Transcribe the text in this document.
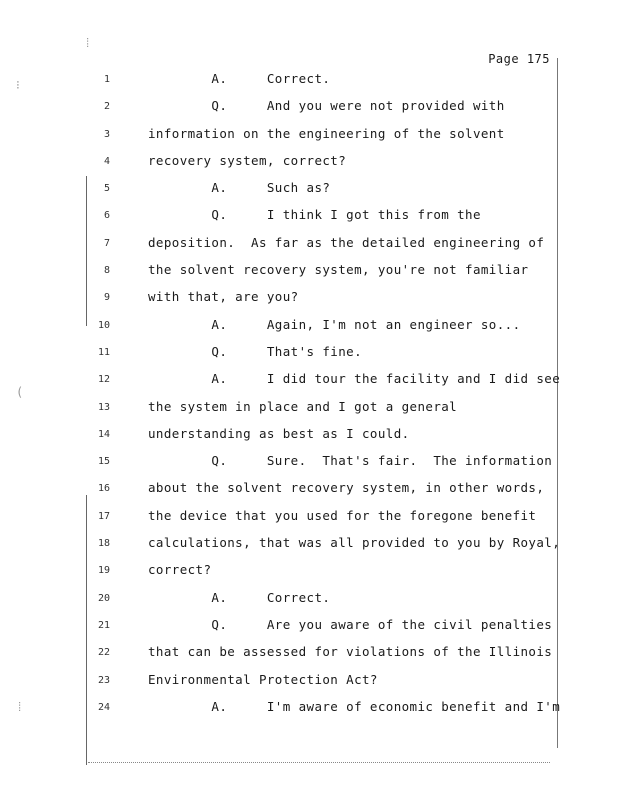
Page 175
⁞
⁝
(
⁞
1	A.     Correct.
2	Q.     And you were not provided with
3	information on the engineering of the solvent
4	recovery system, correct?
5	A.     Such as?
6	Q.     I think I got this from the
7	deposition.  As far as the detailed engineering of
8	the solvent recovery system, you're not familiar
9	with that, are you?
10	A.     Again, I'm not an engineer so...
11	Q.     That's fine.
12	A.     I did tour the facility and I did see
13	the system in place and I got a general
14	understanding as best as I could.
15	Q.     Sure.  That's fair.  The information
16	about the solvent recovery system, in other words,
17	the device that you used for the foregone benefit
18	calculations, that was all provided to you by Royal,
19	correct?
20	A.     Correct.
21	Q.     Are you aware of the civil penalties
22	that can be assessed for violations of the Illinois
23	Environmental Protection Act?
24	A.     I'm aware of economic benefit and I'm
